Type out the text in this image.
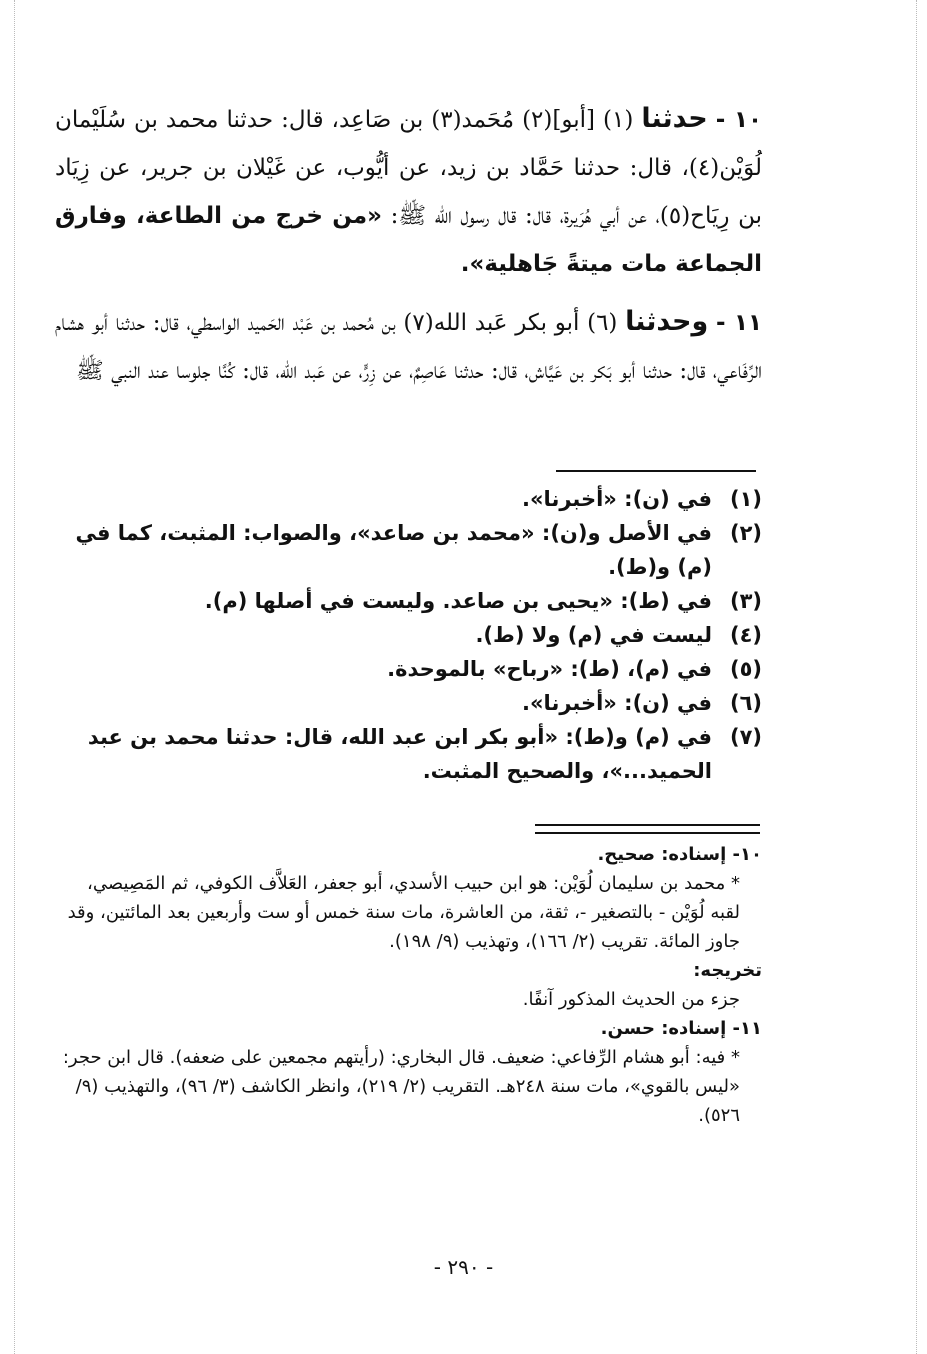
١٠ - حدثنا (١) [أبو](٢) مُحَمد(٣) بن صَاعِد، قال: حدثنا محمد بن سُلَيْمان لُوَيْن(٤)، قال: حدثنا حَمَّاد بن زيد، عن أيُّوب، عن غَيْلان بن جرير، عن زِيَاد بن رِيَاح(٥)، عن أبي هُرَيرة، قال: قال رسول الله ﷺ: «من خرج من الطاعة، وفارق الجماعة مات ميتةً جَاهلية».

١١ - وحدثنا (٦) أبو بكر عَبد الله(٧) بن مُحمد بن عَبْد الحَميد الواسطي، قال: حدثنا أبو هشام الرِّفَاعي، قال: حدثنا أبو بَكر بن عَيَّاش، قال: حدثنا عَاصِمٌ، عن زِرٍّ، عن عَبد الله، قال: كُنَّا جلوسا عند النبي ﷺ

(١)
في (ن): «أخبرنا».
(٢)
في الأصل و(ن): «محمد بن صاعد»، والصواب: المثبت، كما في (م) و(ط).
(٣)
في (ط): «يحيى بن صاعد. وليست في أصلها (م).
(٤)
ليست في (م) ولا (ط).
(٥)
في (م)، (ط): «رباح» بالموحدة.
(٦)
في (ن): «أخبرنا».
(٧)
في (م) و(ط): «أبو بكر ابن عبد الله، قال: حدثنا محمد بن عبد الحميد...»، والصحيح المثبت.
١٠- إسناده: صحيح.
* محمد بن سليمان لُوَيْن: هو ابن حبيب الأسدي، أبو جعفر، العَلاَّف الكوفي، ثم المَصِيصي، لقبه لُوَيْن - بالتصغير -، ثقة، من العاشرة، مات سنة خمس أو ست وأربعين بعد المائتين، وقد جاوز المائة. تقريب (٢/ ١٦٦)، وتهذيب (٩/ ١٩٨).
تخريجه:
جزء من الحديث المذكور آنفًا.
١١- إسناده: حسن.
* فيه: أبو هشام الرِّفاعي: ضعيف. قال البخاري: (رأيتهم مجمعين على ضعفه). قال ابن حجر: «ليس بالقوي»، مات سنة ٢٤٨هـ. التقريب (٢/ ٢١٩)، وانظر الكاشف (٣/ ٩٦)، والتهذيب (٩/ ٥٢٦).
- ٢٩٠ -
